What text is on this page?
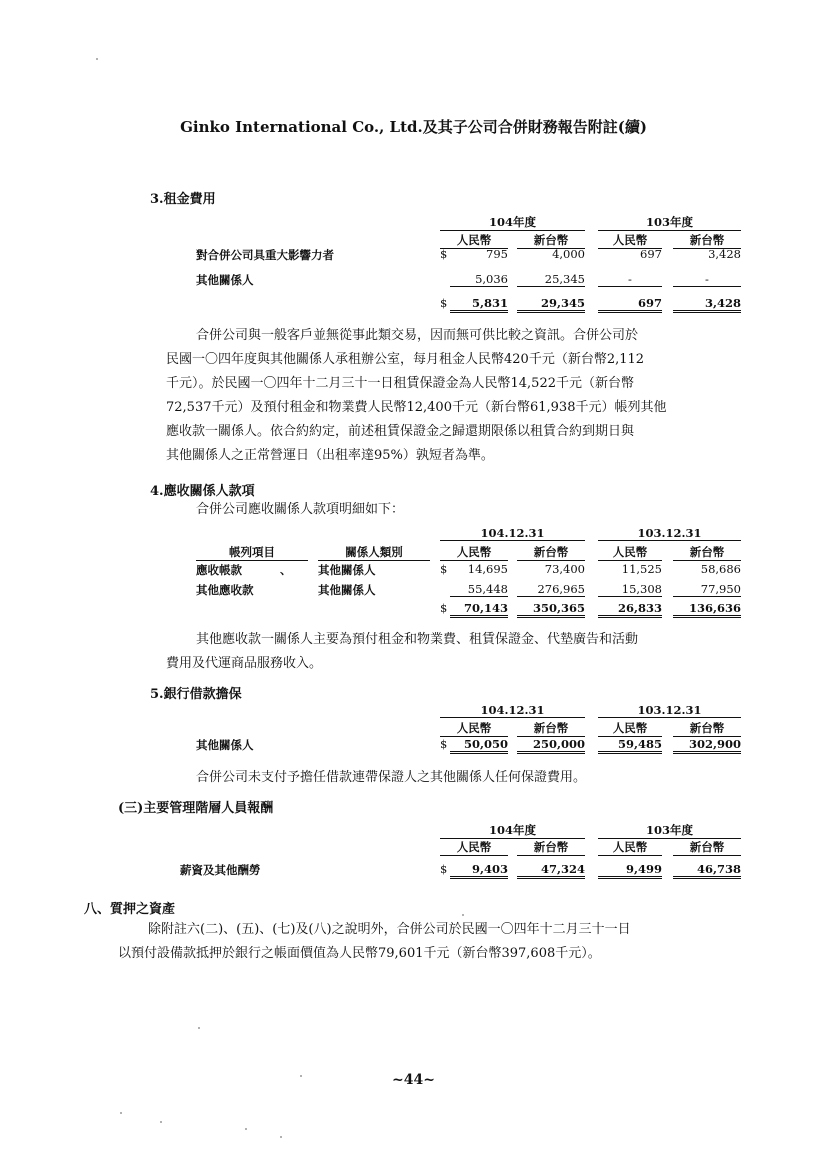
Ginko International Co., Ltd.及其子公司合併財務報告附註(續)
3.租金費用
104年度	103年度
人民幣	新台幣	人民幣	新台幣
對合併公司具重大影響力者	$	795	4,000	697	3,428
其他關係人	5,036	25,345	-	-
$	5,831	29,345	697	3,428
合併公司與一般客戶並無從事此類交易，因而無可供比較之資訊。合併公司於
民國一〇四年度與其他關係人承租辦公室，每月租金人民幣420千元（新台幣2,112
千元）。於民國一〇四年十二月三十一日租賃保證金為人民幣14,522千元（新台幣
72,537千元）及預付租金和物業費人民幣12,400千元（新台幣61,938千元）帳列其他
應收款一關係人。依合約約定，前述租賃保證金之歸還期限係以租賃合約到期日與
其他關係人之正常營運日（出租率達95%）孰短者為準。
4.應收關係人款項
合併公司應收關係人款項明細如下：
104.12.31	103.12.31
帳列項目	關係人類別	人民幣	新台幣	人民幣	新台幣
應收帳款	、 其他關係人	$	14,695	73,400	11,525	58,686
其他應收款	其他關係人	55,448	276,965	15,308	77,950
$	70,143	350,365	26,833	136,636
其他應收款一關係人主要為預付租金和物業費、租賃保證金、代墊廣告和活動
費用及代運商品服務收入。
5.銀行借款擔保
104.12.31	103.12.31
人民幣	新台幣	人民幣	新台幣
其他關係人	$	50,050	250,000	59,485	302,900
合併公司未支付予擔任借款連帶保證人之其他關係人任何保證費用。
(三)主要管理階層人員報酬
104年度	103年度
人民幣	新台幣	人民幣	新台幣
薪資及其他酬勞	$	9,403	47,324	9,499	46,738
八、質押之資產
除附註六(二)、(五)、(七)及(八)之說明外，合併公司於民國一〇四年十二月三十一日
以預付設備款抵押於銀行之帳面價值為人民幣79,601千元（新台幣397,608千元）。
~44~
